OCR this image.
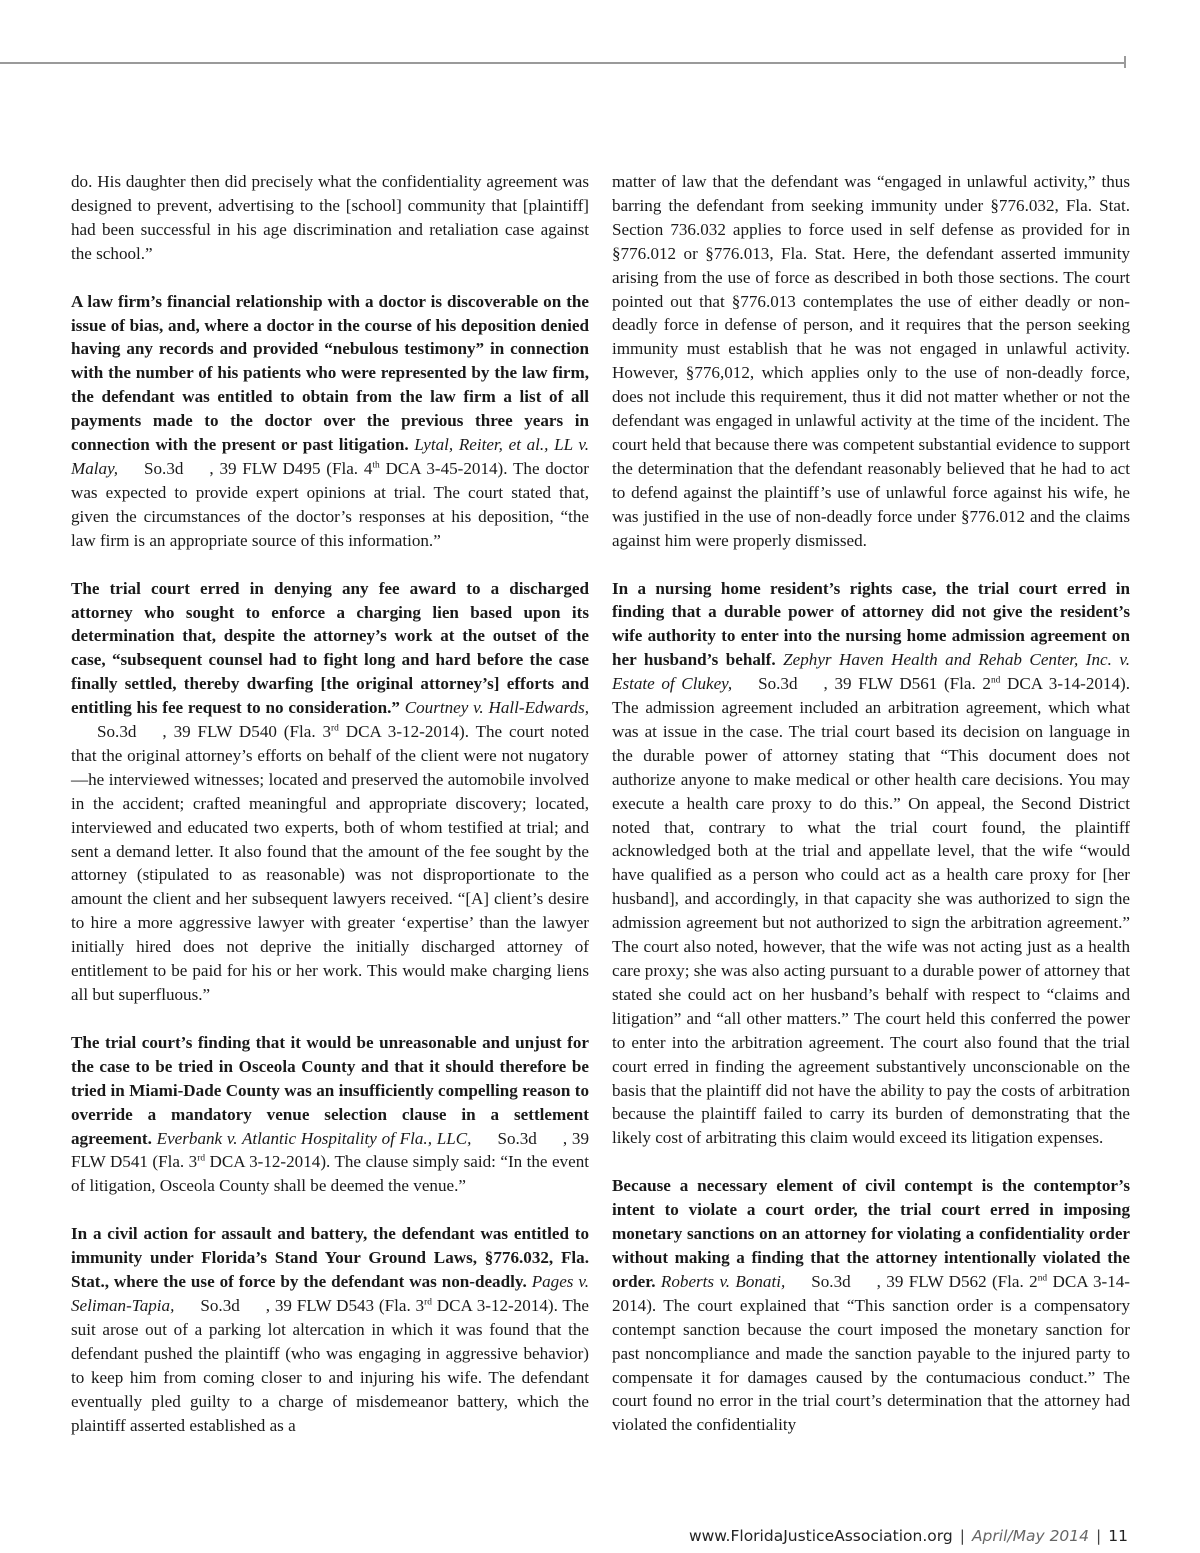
do. His daughter then did precisely what the confidentiality agreement was designed to prevent, advertising to the [school] community that [plaintiff] had been successful in his age discrimination and retaliation case against the school.”

A law firm’s financial relationship with a doctor is discoverable on the issue of bias, and, where a doctor in the course of his deposition denied having any records and provided “nebulous testimony” in connection with the number of his patients who were represented by the law firm, the defendant was entitled to obtain from the law firm a list of all payments made to the doctor over the previous three years in connection with the present or past litigation. Lytal, Reiter, et al., LL v. Malay, So.3d , 39 FLW D495 (Fla. 4th DCA 3-45-2014). The doctor was expected to provide expert opinions at trial. The court stated that, given the circumstances of the doctor’s responses at his deposition, “the law firm is an appropriate source of this information.”

The trial court erred in denying any fee award to a discharged attorney who sought to enforce a charging lien based upon its determination that, despite the attorney’s work at the outset of the case, “subsequent counsel had to fight long and hard before the case finally settled, thereby dwarfing [the original attorney’s] efforts and entitling his fee request to no consideration.” Courtney v. Hall-Edwards,So.3d , 39 FLW D540 (Fla. 3rd DCA 3-12-2014). The court noted that the original attorney’s efforts on behalf of the client were not nugatory—he interviewed witnesses; located and preserved the automobile involved in the accident; crafted meaningful and appropriate discovery; located, interviewed and educated two experts, both of whom testified at trial; and sent a demand letter. It also found that the amount of the fee sought by the attorney (stipulated to as reasonable) was not disproportionate to the amount the client and her subsequent lawyers received. “[A] client’s desire to hire a more aggressive lawyer with greater ‘expertise’ than the lawyer initially hired does not deprive the initially discharged attorney of entitlement to be paid for his or her work. This would make charging liens all but superfluous.”

The trial court’s finding that it would be unreasonable and unjust for the case to be tried in Osceola County and that it should therefore be tried in Miami-Dade County was an insufficiently compelling reason to override a mandatory venue selection clause in a settlement agreement. Everbank v. Atlantic Hospitality of Fla., LLC, So.3d , 39 FLW D541 (Fla. 3rd DCA 3-12-2014). The clause simply said: “In the event of litigation, Osceola County shall be deemed the venue.”

In a civil action for assault and battery, the defendant was entitled to immunity under Florida’s Stand Your Ground Laws, §776.032, Fla. Stat., where the use of force by the defendant was non-deadly. Pages v. Seliman-Tapia, So.3d , 39 FLW D543 (Fla. 3rd DCA 3-12-2014). The suit arose out of a parking lot altercation in which it was found that the defendant pushed the plaintiff (who was engaging in aggressive behavior) to keep him from coming closer to and injuring his wife. The defendant eventually pled guilty to a charge of misdemeanor battery, which the plaintiff asserted established as a

matter of law that the defendant was “engaged in unlawful activity,” thus barring the defendant from seeking immunity under §776.032, Fla. Stat. Section 736.032 applies to force used in self defense as provided for in §776.012 or §776.013, Fla. Stat. Here, the defendant asserted immunity arising from the use of force as described in both those sections. The court pointed out that §776.013 contemplates the use of either deadly or non-deadly force in defense of person, and it requires that the person seeking immunity must establish that he was not engaged in unlawful activity. However, §776,012, which applies only to the use of non-deadly force, does not include this requirement, thus it did not matter whether or not the defendant was engaged in unlawful activity at the time of the incident. The court held that because there was competent substantial evidence to support the determination that the defendant reasonably believed that he had to act to defend against the plaintiff’s use of unlawful force against his wife, he was justified in the use of non-deadly force under §776.012 and the claims against him were properly dismissed.

In a nursing home resident’s rights case, the trial court erred in finding that a durable power of attorney did not give the resident’s wife authority to enter into the nursing home admission agreement on her husband’s behalf. Zephyr Haven Health and Rehab Center, Inc. v. Estate of Clukey, So.3d , 39 FLW D561 (Fla. 2nd DCA 3-14-2014). The admission agreement included an arbitration agreement, which what was at issue in the case. The trial court based its decision on language in the durable power of attorney stating that “This document does not authorize anyone to make medical or other health care decisions. You may execute a health care proxy to do this.” On appeal, the Second District noted that, contrary to what the trial court found, the plaintiff acknowledged both at the trial and appellate level, that the wife “would have qualified as a person who could act as a health care proxy for [her husband], and accordingly, in that capacity she was authorized to sign the admission agreement but not authorized to sign the arbitration agreement.” The court also noted, however, that the wife was not acting just as a health care proxy; she was also acting pursuant to a durable power of attorney that stated she could act on her husband’s behalf with respect to “claims and litigation” and “all other matters.” The court held this conferred the power to enter into the arbitration agreement. The court also found that the trial court erred in finding the agreement substantively unconscionable on the basis that the plaintiff did not have the ability to pay the costs of arbitration because the plaintiff failed to carry its burden of demonstrating that the likely cost of arbitrating this claim would exceed its litigation expenses.

Because a necessary element of civil contempt is the contemptor’s intent to violate a court order, the trial court erred in imposing monetary sanctions on an attorney for violating a confidentiality order without making a finding that the attorney intentionally violated the order. Roberts v. Bonati, So.3d , 39 FLW D562 (Fla. 2nd DCA 3-14-2014). The court explained that “This sanction order is a compensatory contempt sanction because the court imposed the monetary sanction for past noncompliance and made the sanction payable to the injured party to compensate it for damages caused by the contumacious conduct.” The court found no error in the trial court’s determination that the attorney had violated the confidentiality

www.FloridaJusticeAssociation.org | April/May 2014 | 11
